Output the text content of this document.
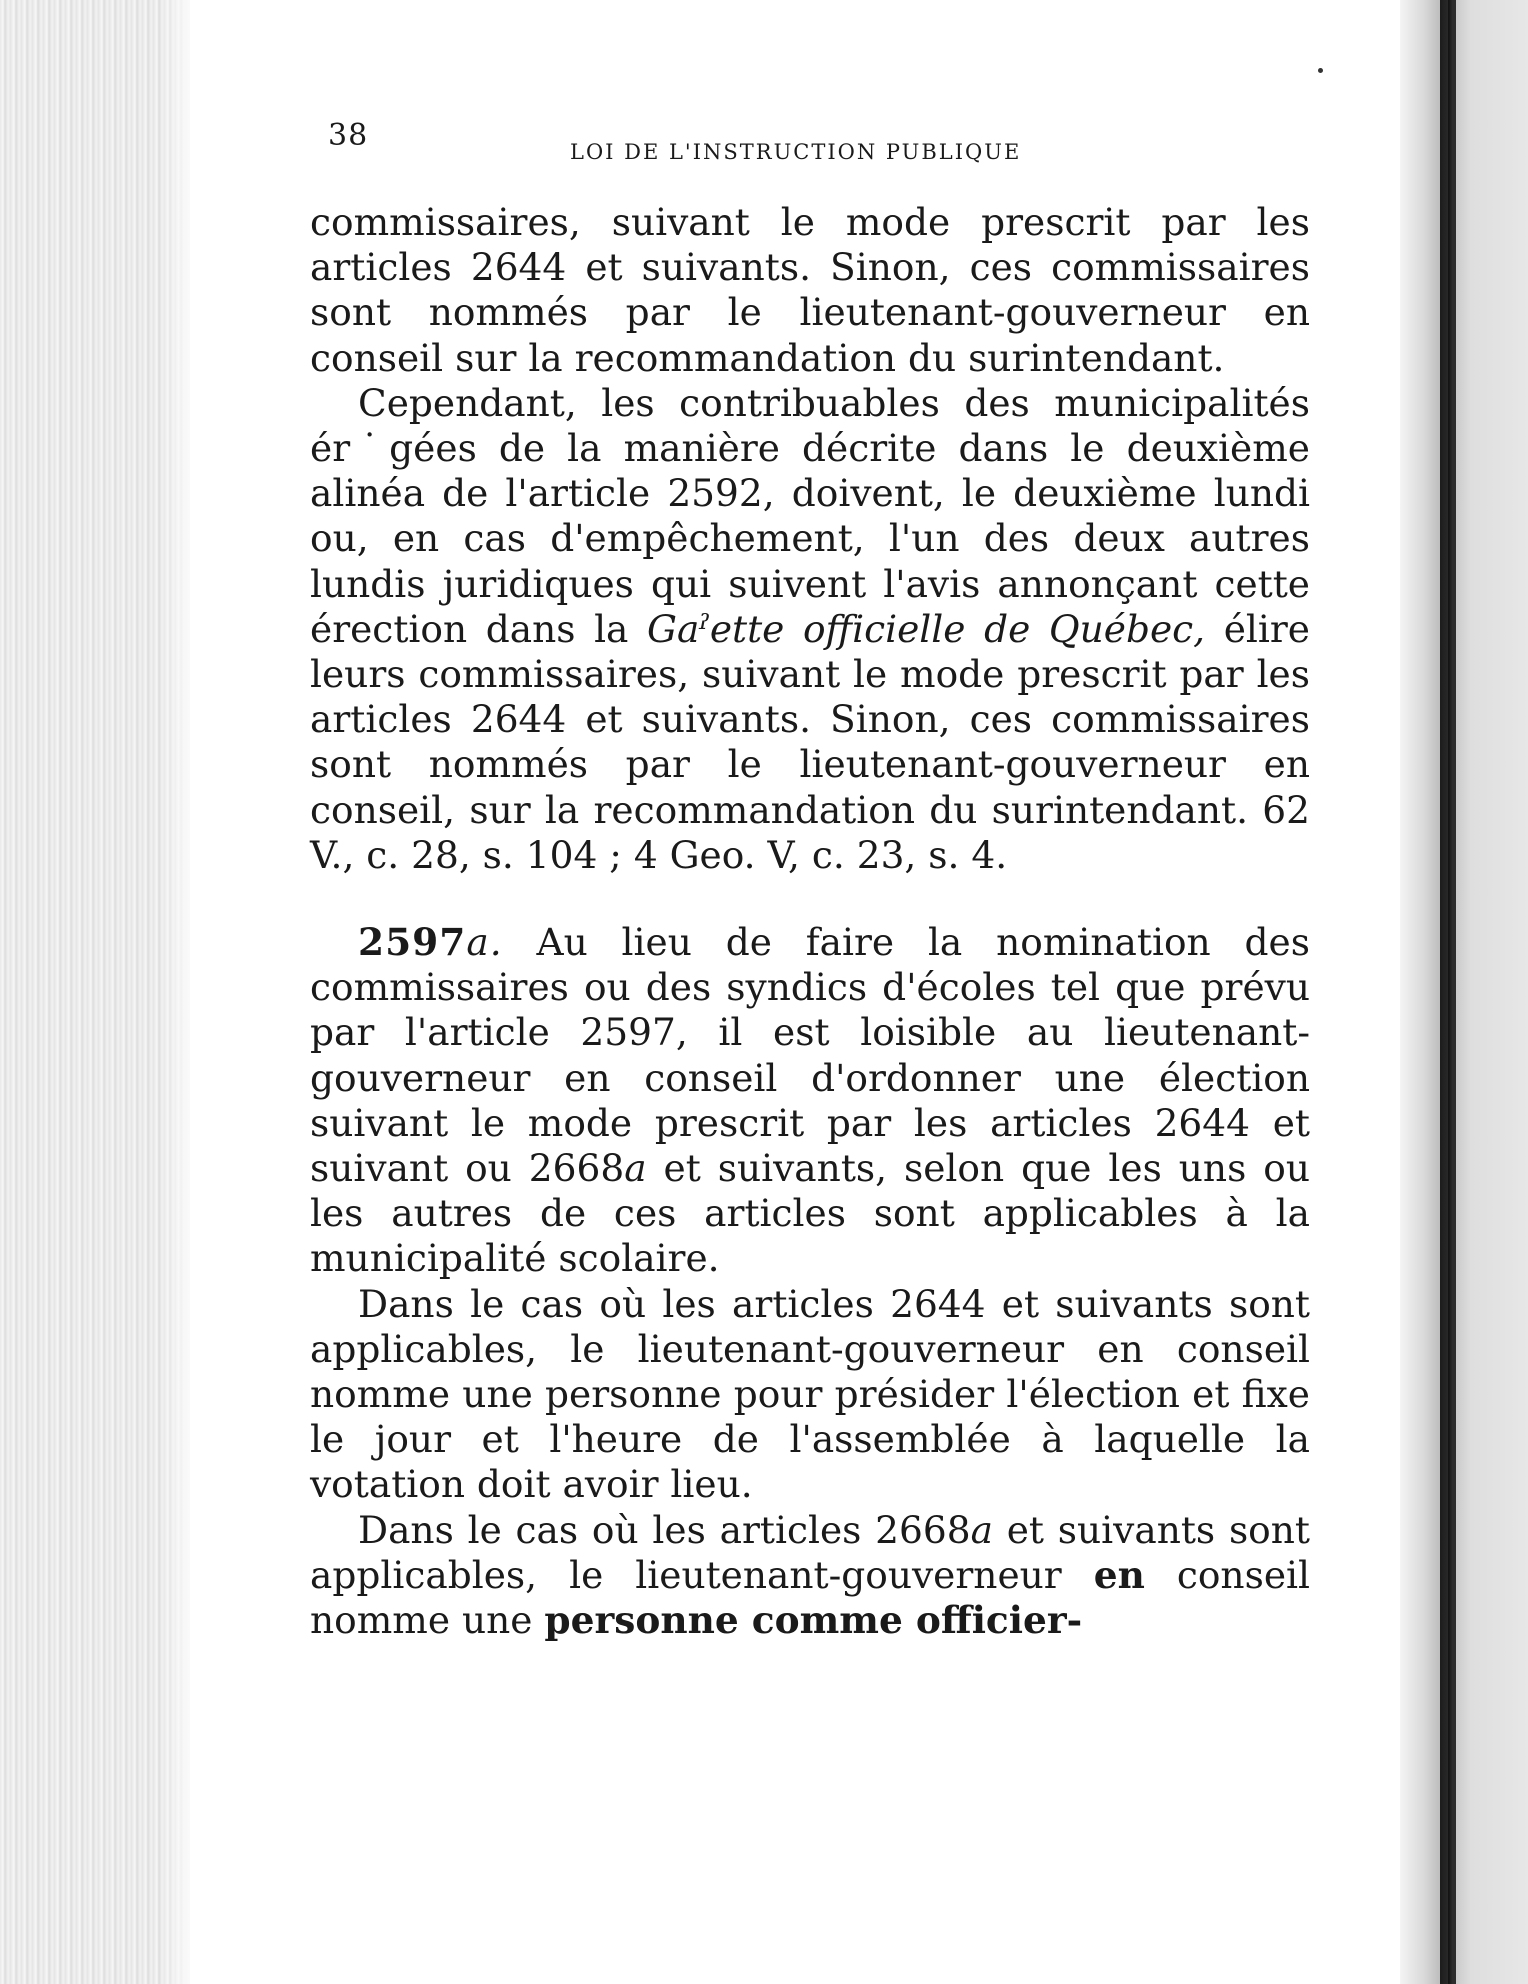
38	LOI DE L'INSTRUCTION PUBLIQUE

commissaires, suivant le mode prescrit par les articles 2644 et suivants. Sinon, ces commissaires sont nommés par le lieutenant-gouverneur en conseil sur la recommandation du surintendant.

Cependant, les contribuables des municipalités ér˙gées de la manière décrite dans le deuxième alinéa de l'article 2592, doivent, le deuxième lundi ou, en cas d'empêchement, l'un des deux autres lundis juridiques qui suivent l'avis annonçant cette érection dans la Gaˀette officielle de Québec, élire leurs commissaires, suivant le mode prescrit par les articles 2644 et suivants. Sinon, ces commissaires sont nommés par le lieutenant-gouverneur en conseil, sur la recommandation du surintendant. 62 V., c. 28, s. 104 ; 4 Geo. V, c. 23, s. 4.

2597a. Au lieu de faire la nomination des commissaires ou des syndics d'écoles tel que prévu par l'article 2597, il est loisible au lieutenant-gouverneur en conseil d'ordonner une élection suivant le mode prescrit par les articles 2644 et suivant ou 2668a et suivants, selon que les uns ou les autres de ces articles sont applicables à la municipalité scolaire.

Dans le cas où les articles 2644 et suivants sont applicables, le lieutenant-gouverneur en conseil nomme une personne pour présider l'élection et fixe le jour et l'heure de l'assemblée à laquelle la votation doit avoir lieu.

Dans le cas où les articles 2668a et suivants sont applicables, le lieutenant-gouverneur en conseil nomme une personne comme officier-
